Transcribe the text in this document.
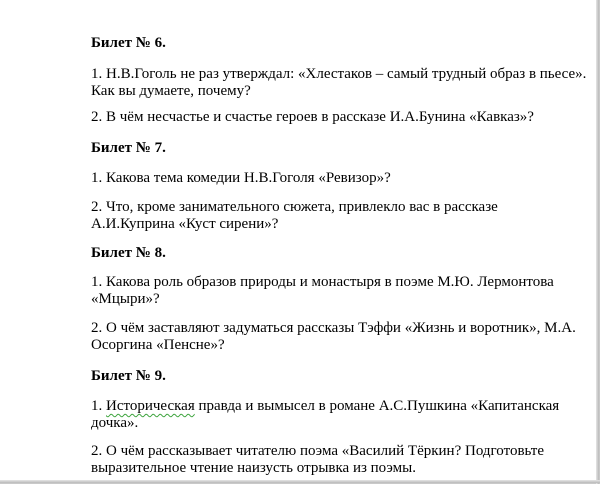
Билет № 6.
1. Н.В.Гоголь не раз утверждал: «Хлестаков – самый трудный образ в пьесе».
Как вы думаете, почему?
2. В чём несчастье и счастье героев в рассказе И.А.Бунина «Кавказ»?
Билет № 7.
1. Какова тема комедии Н.В.Гоголя «Ревизор»?
2. Что, кроме занимательного сюжета, привлекло вас в рассказе
А.И.Куприна «Куст сирени»?
Билет № 8.
1. Какова роль образов природы и монастыря в поэме М.Ю. Лермонтова
«Мцыри»?
2. О чём заставляют задуматься рассказы Тэффи «Жизнь и воротник», М.А.
Осоргина «Пенсне»?
Билет № 9.
1. Историческая правда и вымысел в романе А.С.Пушкина «Капитанская
дочка».
2. О чём рассказывает читателю поэма «Василий Тёркин? Подготовьте
выразительное чтение наизусть отрывка из поэмы.
